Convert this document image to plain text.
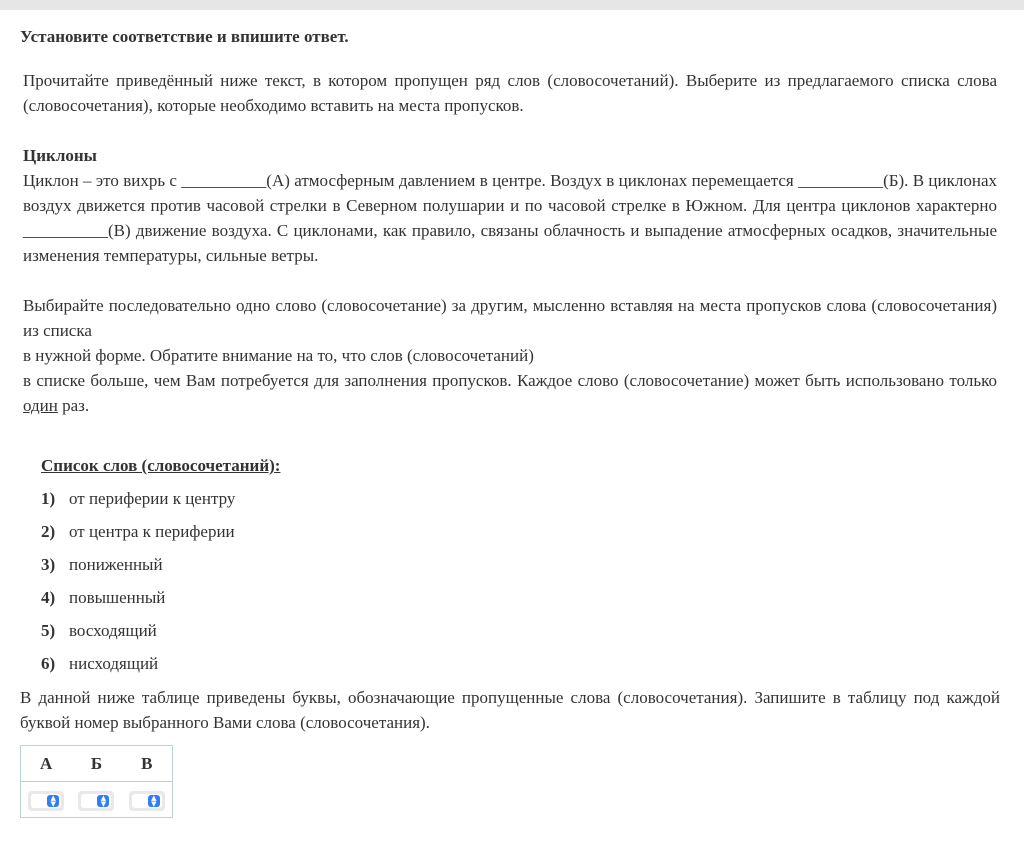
Установите соответствие и впишите ответ.
Прочитайте приведённый ниже текст, в котором пропущен ряд слов (словосочетаний). Выберите из предлагаемого списка слова (словосочетания), которые необходимо вставить на места пропусков.
Циклоны
Циклон – это вихрь с __________(А) атмосферным давлением в центре. Воздух в циклонах перемещается __________(Б). В циклонах воздух движется против часовой стрелки в Северном полушарии и по часовой стрелке в Южном. Для центра циклонов характерно __________(В) движение воздуха. С циклонами, как правило, связаны облачность и выпадение атмосферных осадков, значительные изменения температуры, сильные ветры.
Выбирайте последовательно одно слово (словосочетание) за другим, мысленно вставляя на места пропусков слова (словосочетания) из списка
в нужной форме. Обратите внимание на то, что слов (словосочетаний)
в списке больше, чем Вам потребуется для заполнения пропусков. Каждое слово (словосочетание) может быть использовано только один раз.
Список слов (словосочетаний):
1) от периферии к центру
2) от центра к периферии
3) пониженный
4) повышенный
5) восходящий
6) нисходящий
В данной ниже таблице приведены буквы, обозначающие пропущенные слова (словосочетания). Запишите в таблицу под каждой буквой номер выбранного Вами слова (словосочетания).
А	Б	В
▲
▼
▲
▼
▲
▼
